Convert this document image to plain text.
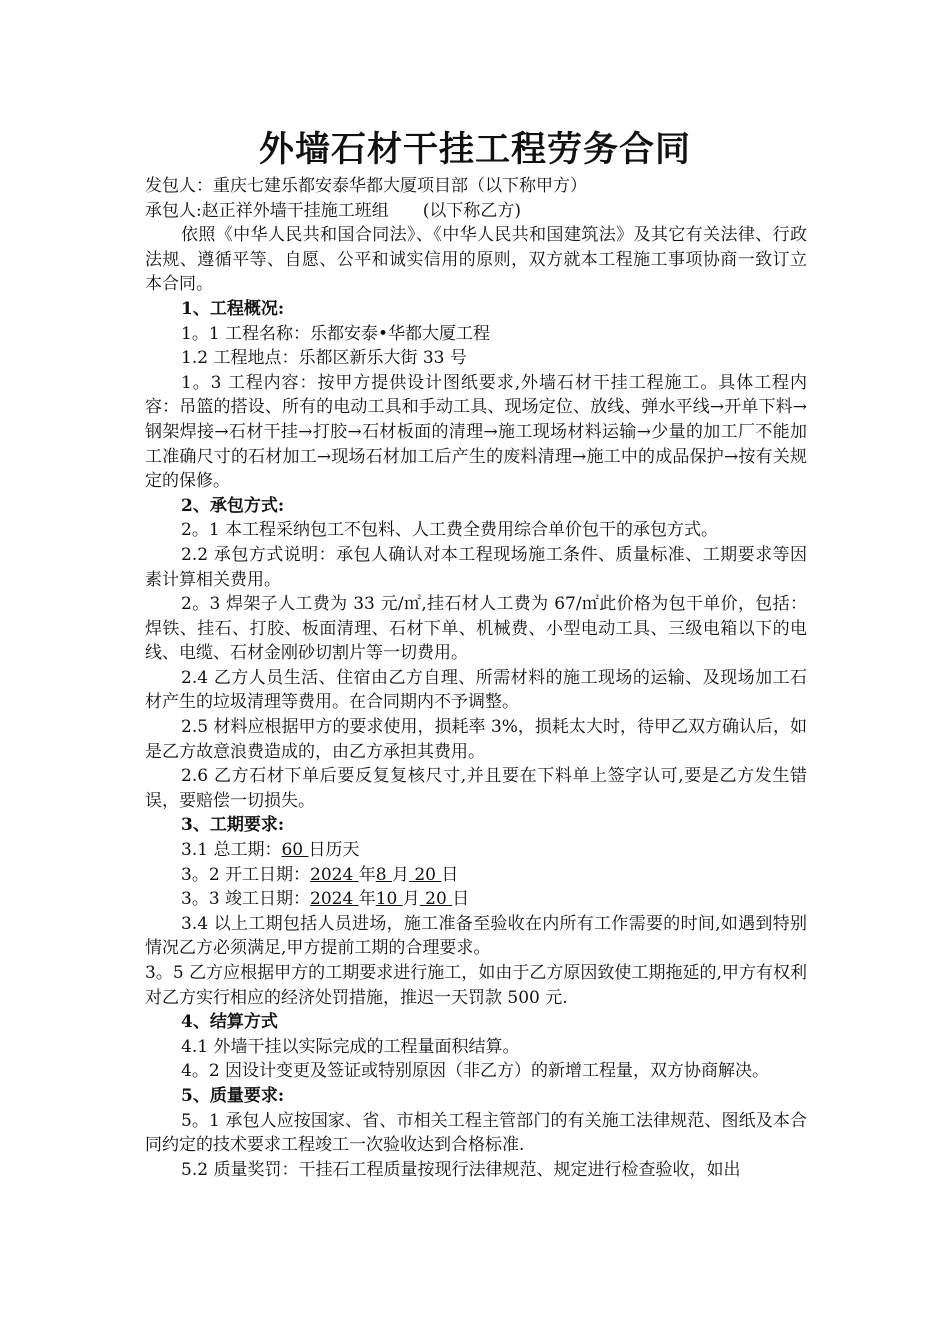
外墙石材干挂工程劳务合同

发包人：重庆七建乐都安泰华都大厦项目部（以下称甲方）

承包人:赵正祥外墙干挂施工班组　　(以下称乙方)

依照《中华人民共和国合同法》、《中华人民共和国建筑法》及其它有关法律、行政法规、遵循平等、自愿、公平和诚实信用的原则，双方就本工程施工事项协商一致订立本合同。

1、工程概况:

1。1 工程名称：乐都安泰•华都大厦工程

1.2 工程地点：乐都区新乐大街 33 号

1。3 工程内容：按甲方提供设计图纸要求,外墙石材干挂工程施工。具体工程内容：吊篮的搭设、所有的电动工具和手动工具、现场定位、放线、弹水平线→开单下料→钢架焊接→石材干挂→打胶→石材板面的清理→施工现场材料运输→少量的加工厂不能加工准确尺寸的石材加工→现场石材加工后产生的废料清理→施工中的成品保护→按有关规定的保修。

2、承包方式:

2。1 本工程采纳包工不包料、人工费全费用综合单价包干的承包方式。

2.2 承包方式说明：承包人确认对本工程现场施工条件、质量标准、工期要求等因素计算相关费用。

2。3 焊架子人工费为 33 元/㎡,挂石材人工费为 67/㎡此价格为包干单价，包括：焊铁、挂石、打胶、板面清理、石材下单、机械费、小型电动工具、三级电箱以下的电线、电缆、石材金刚砂切割片等一切费用。

2.4 乙方人员生活、住宿由乙方自理、所需材料的施工现场的运输、及现场加工石材产生的垃圾清理等费用。在合同期内不予调整。

2.5 材料应根据甲方的要求使用，损耗率 3%，损耗太大时，待甲乙双方确认后，如是乙方故意浪费造成的，由乙方承担其费用。

2.6 乙方石材下单后要反复复核尺寸,并且要在下料单上签字认可,要是乙方发生错误，要赔偿一切损失。

3、工期要求:

3.1 总工期：60 日历天

3。2 开工日期：2024 年8 月 20 日

3。3 竣工日期：2024 年10 月 20 日

3.4 以上工期包括人员进场，施工准备至验收在内所有工作需要的时间,如遇到特别情况乙方必须满足,甲方提前工期的合理要求。

3。5 乙方应根据甲方的工期要求进行施工，如由于乙方原因致使工期拖延的,甲方有权利对乙方实行相应的经济处罚措施，推迟一天罚款 500 元.

4、结算方式

4.1 外墙干挂以实际完成的工程量面积结算。

4。2 因设计变更及签证或特别原因（非乙方）的新增工程量，双方协商解决。

5、质量要求:

5。1 承包人应按国家、省、市相关工程主管部门的有关施工法律规范、图纸及本合同约定的技术要求工程竣工一次验收达到合格标准.

5.2 质量奖罚：干挂石工程质量按现行法律规范、规定进行检查验收，如出
